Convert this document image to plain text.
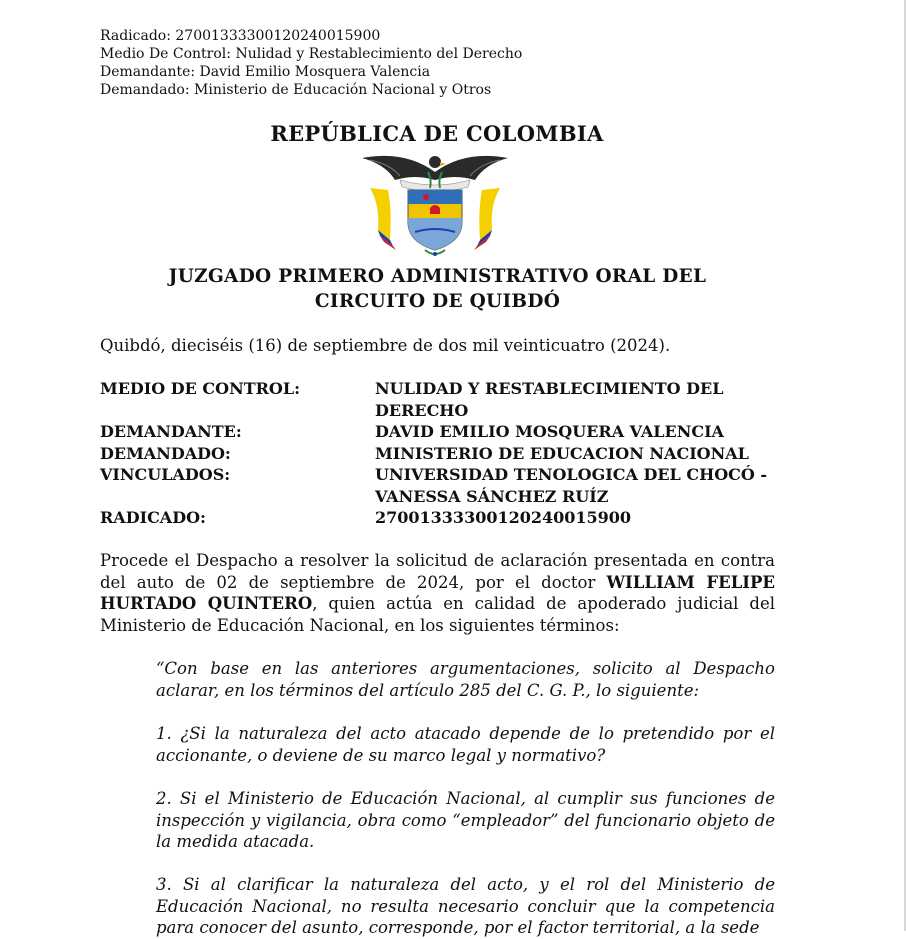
Radicado: 27001333300120240015900
Medio De Control: Nulidad y Restablecimiento del Derecho
Demandante: David Emilio Mosquera Valencia
Demandado: Ministerio de Educación Nacional y Otros
REPÚBLICA DE COLOMBIA
JUZGADO PRIMERO ADMINISTRATIVO ORAL DEL
CIRCUITO DE QUIBDÓ
Quibdó, dieciséis (16) de septiembre de dos mil veinticuatro (2024).
MEDIO DE CONTROL:	NULIDAD Y RESTABLECIMIENTO DEL DERECHO
DEMANDANTE:	DAVID EMILIO MOSQUERA VALENCIA
DEMANDADO:	MINISTERIO DE EDUCACION NACIONAL
VINCULADOS:	UNIVERSIDAD TENOLOGICA DEL CHOCÓ - VANESSA SÁNCHEZ RUÍZ
RADICADO:	27001333300120240015900
Procede el Despacho a resolver la solicitud de aclaración presentada en contra del auto de 02 de septiembre de 2024, por el doctor WILLIAM FELIPE HURTADO QUINTERO, quien actúa en calidad de apoderado judicial del Ministerio de Educación Nacional, en los siguientes términos:
“Con base en las anteriores argumentaciones, solicito al Despacho aclarar, en los términos del artículo 285 del C. G. P., lo siguiente:
1. ¿Si la naturaleza del acto atacado depende de lo pretendido por el accionante, o deviene de su marco legal y normativo?
2. Si el Ministerio de Educación Nacional, al cumplir sus funciones de inspección y vigilancia, obra como “empleador” del funcionario objeto de la medida atacada.
3. Si al clarificar la naturaleza del acto, y el rol del Ministerio de Educación Nacional, no resulta necesario concluir que la competencia para conocer del asunto, corresponde, por el factor territorial, a la sede
